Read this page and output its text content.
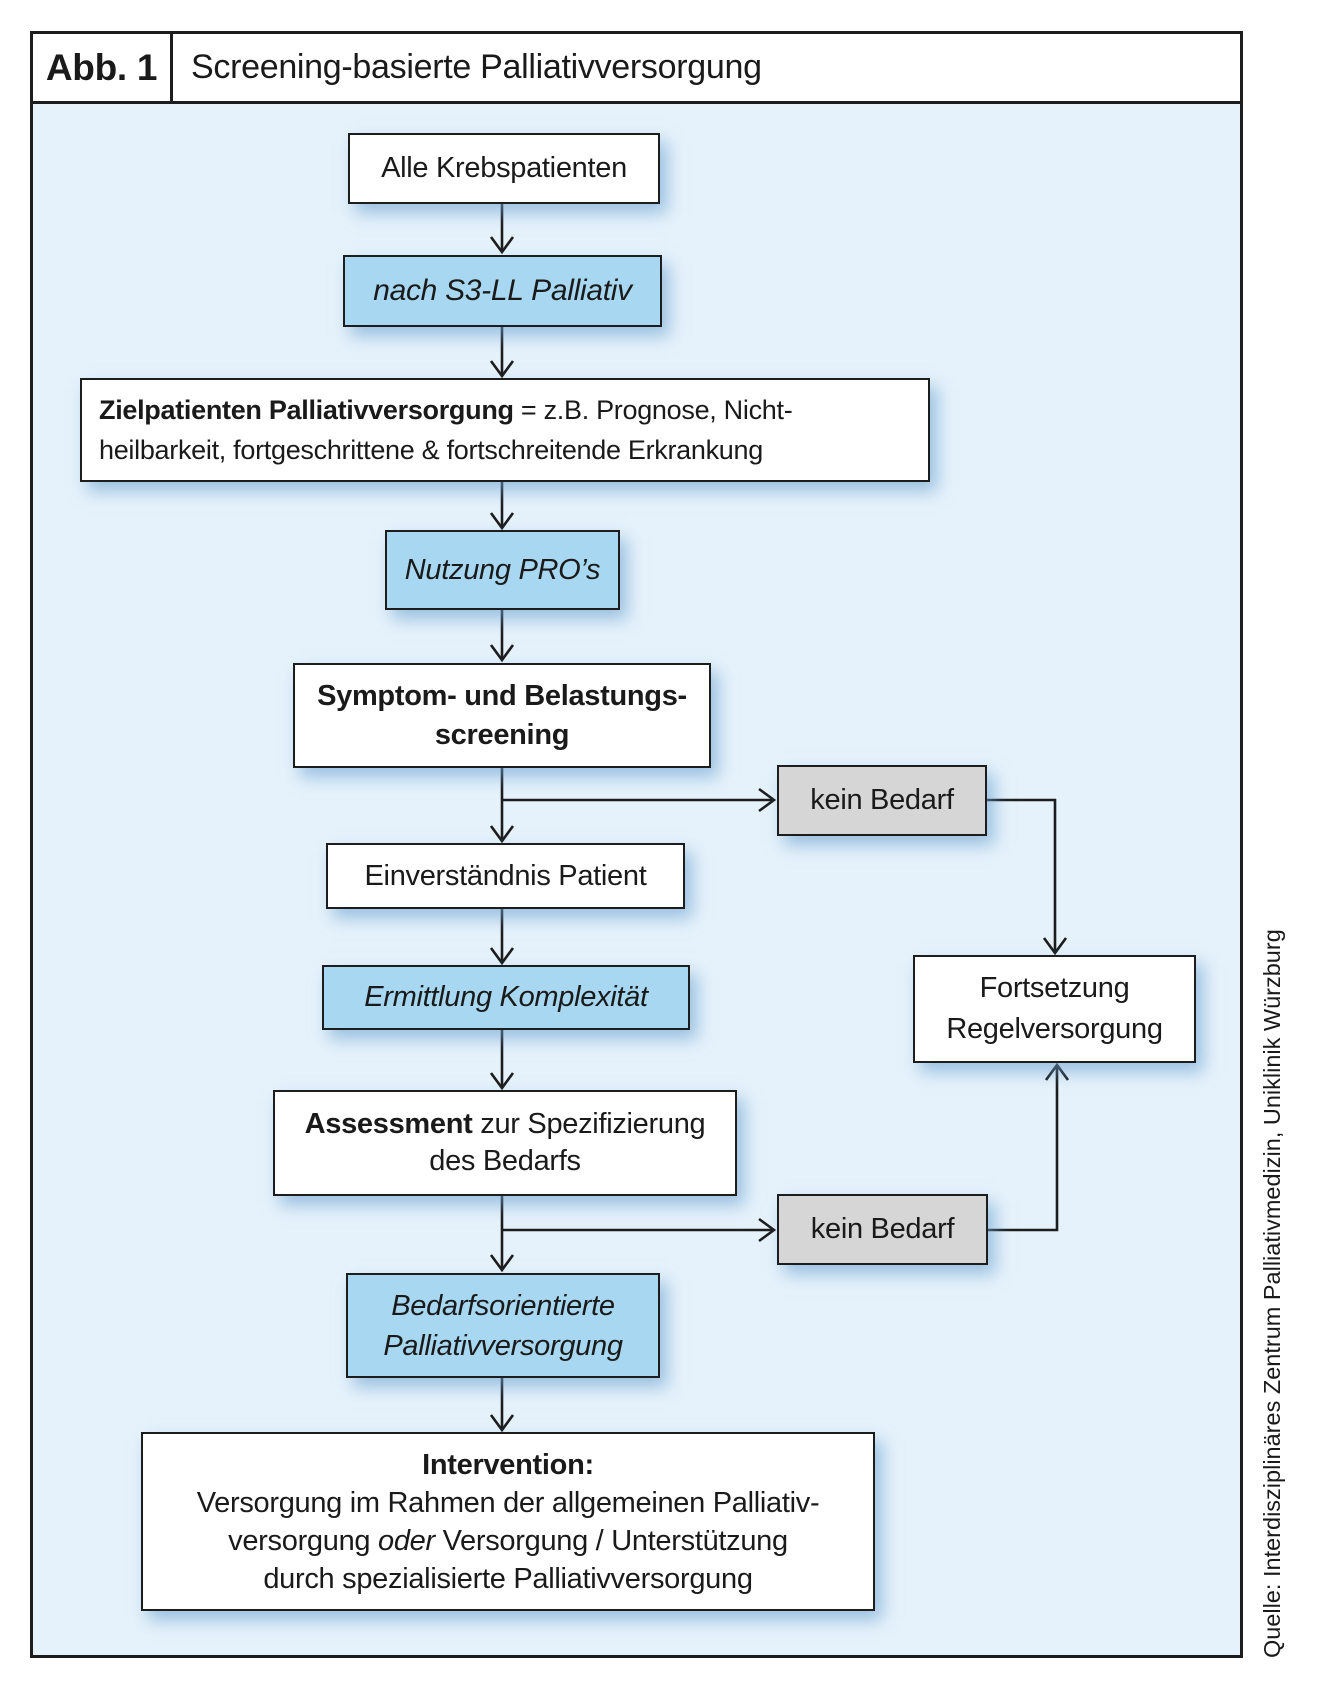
Abb. 1 Screening-basierte Palliativversorgung
Alle Krebspatienten
nach S3-LL Palliativ
Zielpatienten Palliativversorgung = z.B. Prognose, Nicht-
heilbarkeit, fortgeschrittene & fortschreitende Erkrankung
Nutzung PRO’s
Symptom- und Belastungs-
screening
kein Bedarf
Einverständnis Patient
Ermittlung Komplexität
Assessment zur Spezifizierung
des Bedarfs
kein Bedarf
Fortsetzung
Regelversorgung
Bedarfsorientierte
Palliativversorgung
Intervention:
Versorgung im Rahmen der allgemeinen Palliativ-
versorgung oder Versorgung / Unterstützung
durch spezialisierte Palliativversorgung	Quelle: Interdisziplinäres Zentrum Palliativmedizin, Uniklinik Würzburg
